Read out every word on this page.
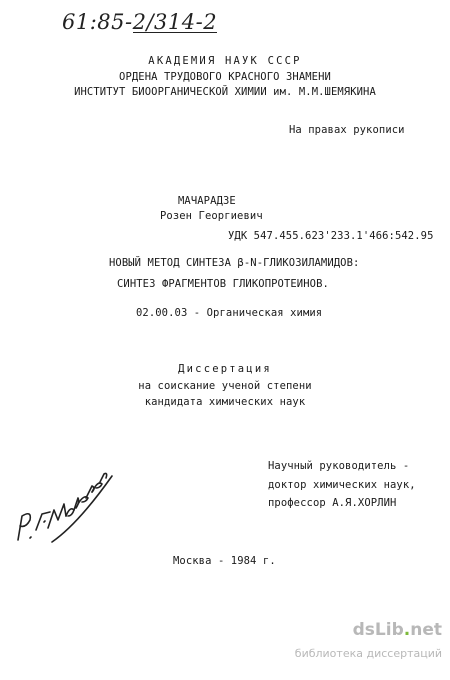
61:85-2/314-2
АКАДЕМИЯ НАУК СССР
ОРДЕНА ТРУДОВОГО КРАСНОГО ЗНАМЕНИ
ИНСТИТУТ БИООРГАНИЧЕСКОЙ ХИМИИ им. М.М.ШЕМЯКИНА
На правах рукописи
МАЧАРАДЗЕ
Розен Георгиевич
УДК 547.455.623'233.1'466:542.95
НОВЫЙ МЕТОД СИНТЕЗА β-N-ГЛИКОЗИЛАМИДОВ:
СИНТЕЗ ФРАГМЕНТОВ ГЛИКОПРОТЕИНОВ.
02.00.03 - Органическая химия
Диссертация
на соискание ученой степени
кандидата химических наук
Научный руководитель -
доктор химических наук,
профессор А.Я.ХОРЛИН
Москва - 1984 г.
dsLib.net
библиотека диссертаций
